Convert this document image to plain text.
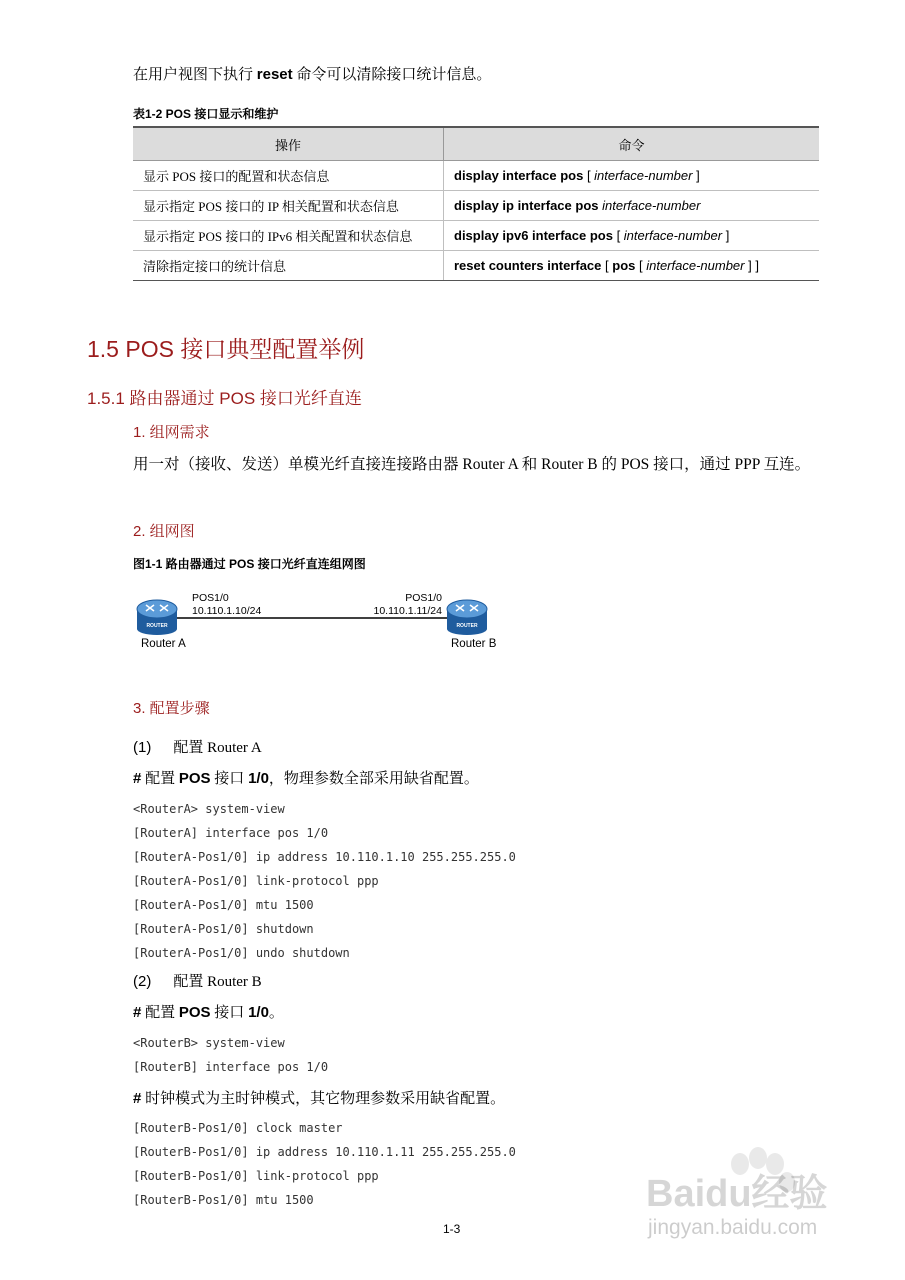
在用户视图下执行 reset 命令可以清除接口统计信息。
表1-2 POS 接口显示和维护
操作	命令
显示 POS 接口的配置和状态信息	display interface pos [ interface-number ]
显示指定 POS 接口的 IP 相关配置和状态信息	display ip interface pos interface-number
显示指定 POS 接口的 IPv6 相关配置和状态信息	display ipv6 interface pos [ interface-number ]
清除指定接口的统计信息	reset counters interface [ pos [ interface-number ] ]
1.5 POS 接口典型配置举例
1.5.1 路由器通过 POS 接口光纤直连
1. 组网需求
用一对（接收、发送）单模光纤直接连接路由器 Router A 和 Router B 的 POS 接口，通过 PPP 互连。
2. 组网图
图1-1 路由器通过 POS 接口光纤直连组网图
ROUTER	ROUTER
POS1/0
10.110.1.10/24
POS1/0
10.110.1.11/24
Router A	Router B
3. 配置步骤
(1) 配置 Router A
# 配置 POS 接口 1/0，物理参数全部采用缺省配置。
<RouterA> system-view
[RouterA] interface pos 1/0
[RouterA-Pos1/0] ip address 10.110.1.10 255.255.255.0
[RouterA-Pos1/0] link-protocol ppp
[RouterA-Pos1/0] mtu 1500
[RouterA-Pos1/0] shutdown
[RouterA-Pos1/0] undo shutdown
(2) 配置 Router B
# 配置 POS 接口 1/0。
<RouterB> system-view
[RouterB] interface pos 1/0
# 时钟模式为主时钟模式，其它物理参数采用缺省配置。
[RouterB-Pos1/0] clock master
[RouterB-Pos1/0] ip address 10.110.1.11 255.255.255.0
[RouterB-Pos1/0] link-protocol ppp
[RouterB-Pos1/0] mtu 1500
1-3
Baidu经验
jingyan.baidu.com
